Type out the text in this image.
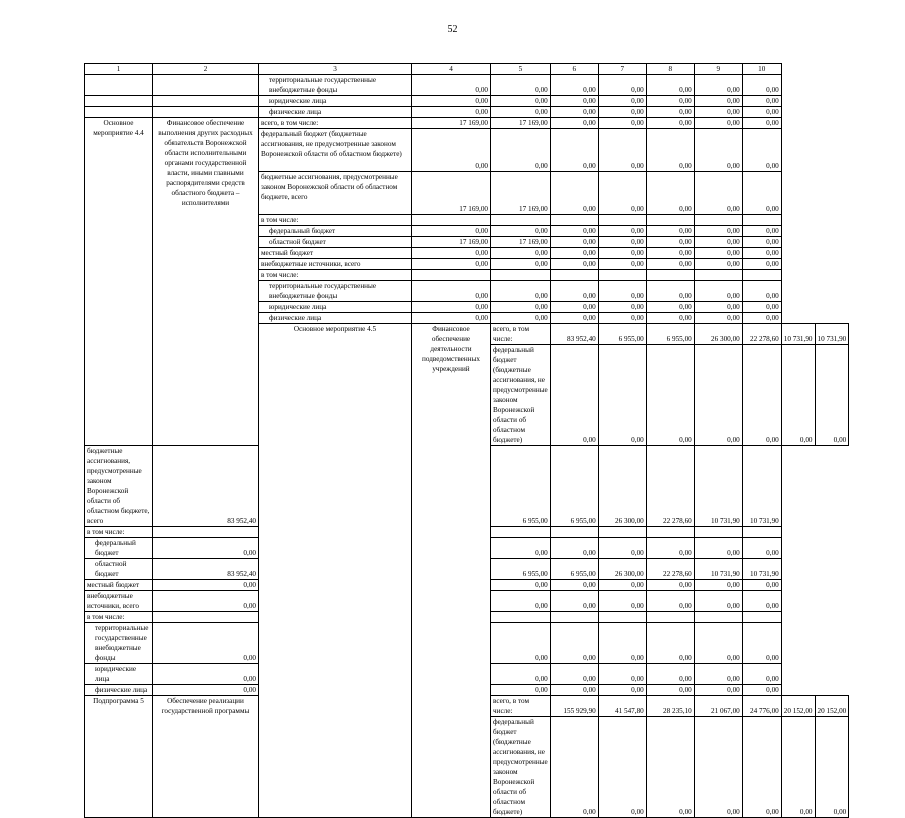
52
1	2	3	4	5	6	7	8	9	10		
		территориальные государственные внебюджетные фонды	0,00	0,00	0,00	0,00	0,00	0,00	0,00		
		юридические лица	0,00	0,00	0,00	0,00	0,00	0,00	0,00		
		физические лица	0,00	0,00	0,00	0,00	0,00	0,00	0,00		
Основное мероприятие 4.4	Финансовое обеспечение выполнения других расходных обязательств Воронежской области исполнительными органами государственной власти, иными главными распорядителями средств областного бюджета – исполнителями	всего, в том числе:	17 169,00	17 169,00	0,00	0,00	0,00	0,00	0,00		
		федеральный бюджет (бюджетные ассигнования, не предусмотренные законом Воронежской области об областном бюджете)	0,00	0,00	0,00	0,00	0,00	0,00	0,00		
		бюджетные ассигнования, предусмотренные законом Воронежской области об областном бюджете, всего	17 169,00	17 169,00	0,00	0,00	0,00	0,00	0,00		
		в том числе:									
		федеральный бюджет	0,00	0,00	0,00	0,00	0,00	0,00	0,00		
		областной бюджет	17 169,00	17 169,00	0,00	0,00	0,00	0,00	0,00		
		местный бюджет	0,00	0,00	0,00	0,00	0,00	0,00	0,00		
		внебюджетные источники, всего	0,00	0,00	0,00	0,00	0,00	0,00	0,00		
		в том числе:									
		территориальные государственные внебюджетные фонды	0,00	0,00	0,00	0,00	0,00	0,00	0,00		
		юридические лица	0,00	0,00	0,00	0,00	0,00	0,00	0,00		
		физические лица	0,00	0,00	0,00	0,00	0,00	0,00	0,00		
		Основное мероприятие 4.5	Финансовое обеспечение деятельности подведомственных учреждений	всего, в том числе:	83 952,40	6 955,00	6 955,00	26 300,00	22 278,60	10 731,90	10 731,90
				федеральный бюджет (бюджетные ассигнования, не предусмотренные законом Воронежской области об областном бюджете)	0,00	0,00	0,00	0,00	0,00	0,00	0,00
бюджетные ассигнования, предусмотренные законом Воронежской области об областном бюджете, всего	83 952,40			6 955,00	6 955,00	26 300,00	22 278,60	10 731,90	10 731,90		
в том числе:											
федеральный бюджет	0,00			0,00	0,00	0,00	0,00	0,00	0,00		
областной бюджет	83 952,40			6 955,00	6 955,00	26 300,00	22 278,60	10 731,90	10 731,90		
местный бюджет	0,00			0,00	0,00	0,00	0,00	0,00	0,00		
внебюджетные источники, всего	0,00			0,00	0,00	0,00	0,00	0,00	0,00		
в том числе:											
территориальные государственные внебюджетные фонды	0,00			0,00	0,00	0,00	0,00	0,00	0,00		
юридические лица	0,00			0,00	0,00	0,00	0,00	0,00	0,00		
физические лица	0,00			0,00	0,00	0,00	0,00	0,00	0,00		
Подпрограмма 5	Обеспечение реализации государственной программы			всего, в том числе:	155 929,90	41 547,80	28 235,10	21 067,00	24 776,00	20 152,00	20 152,00
				федеральный бюджет (бюджетные ассигнования, не предусмотренные законом Воронежской области об областном бюджете)	0,00	0,00	0,00	0,00	0,00	0,00	0,00
